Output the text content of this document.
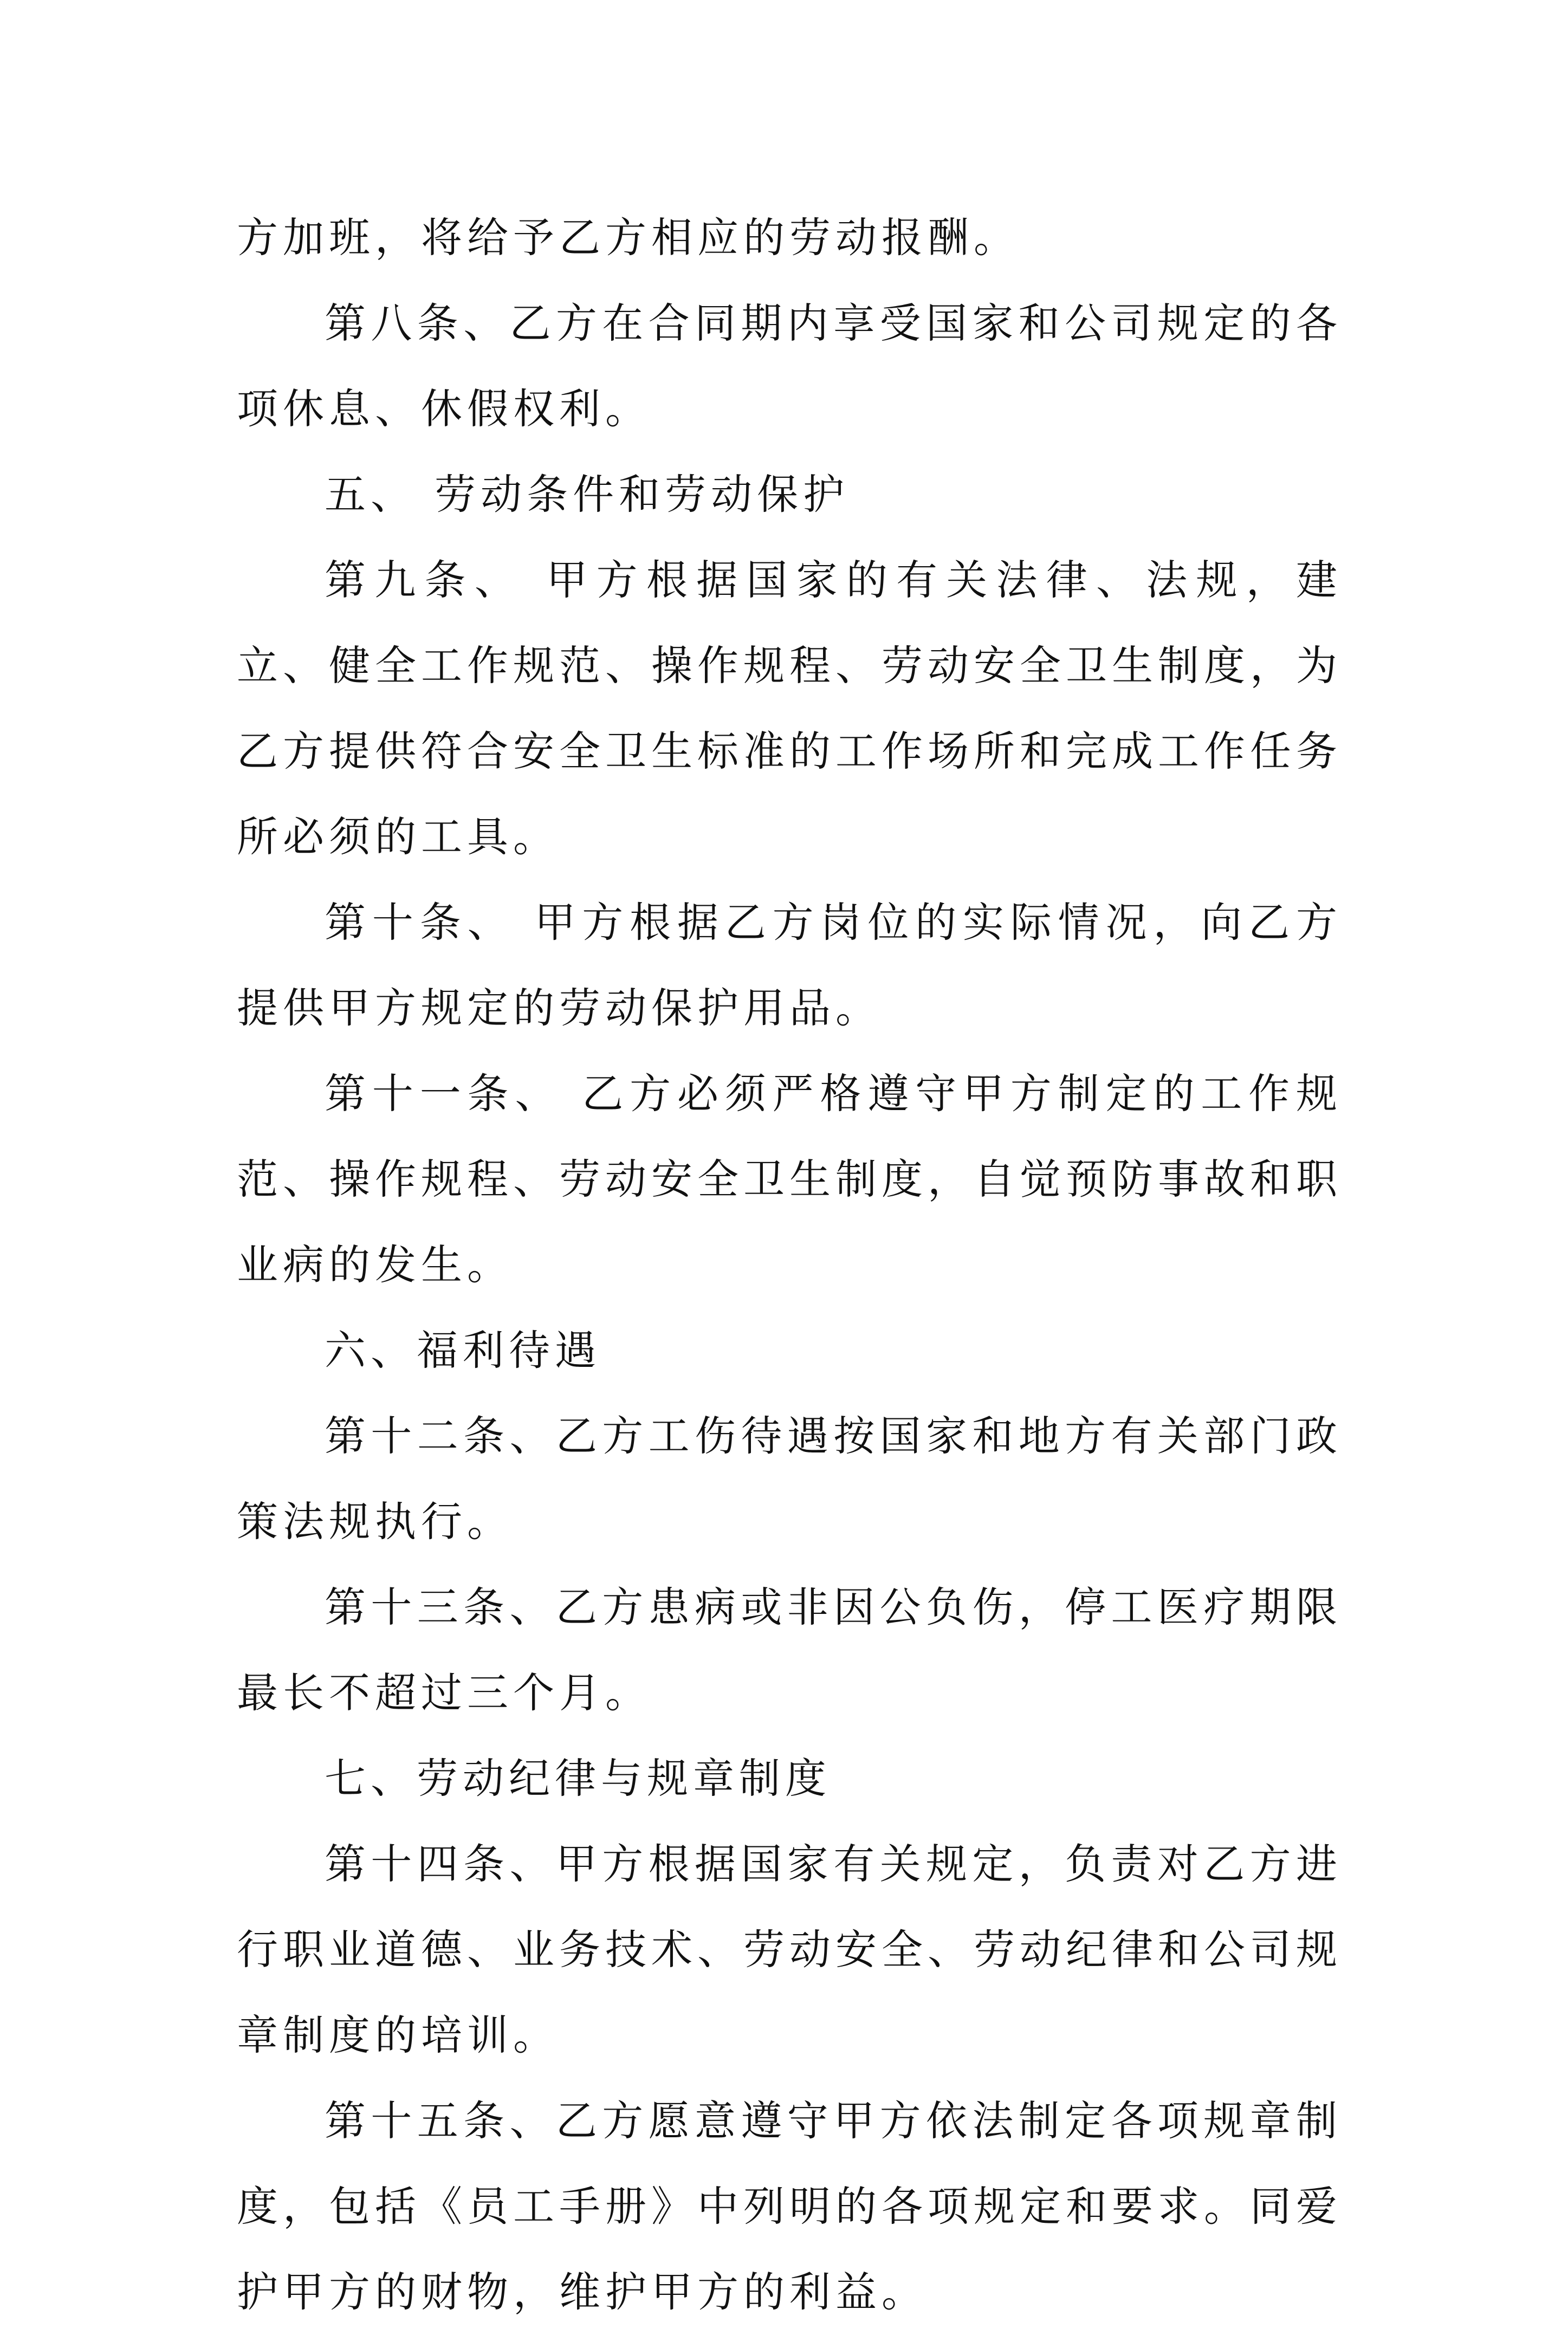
方加班，将给予乙方相应的劳动报酬。

第八条、乙方在合同期内享受国家和公司规定的各项休息、休假权利。

五、 劳动条件和劳动保护

第九条、 甲方根据国家的有关法律、法规，建立、健全工作规范、操作规程、劳动安全卫生制度，为乙方提供符合安全卫生标准的工作场所和完成工作任务所必须的工具。

第十条、 甲方根据乙方岗位的实际情况，向乙方提供甲方规定的劳动保护用品。

第十一条、 乙方必须严格遵守甲方制定的工作规范、操作规程、劳动安全卫生制度，自觉预防事故和职业病的发生。

六、福利待遇

第十二条、乙方工伤待遇按国家和地方有关部门政策法规执行。

第十三条、乙方患病或非因公负伤，停工医疗期限最长不超过三个月。

七、劳动纪律与规章制度

第十四条、甲方根据国家有关规定，负责对乙方进行职业道德、业务技术、劳动安全、劳动纪律和公司规章制度的培训。

第十五条、乙方愿意遵守甲方依法制定各项规章制度，包括《员工手册》中列明的各项规定和要求。同爱护甲方的财物，维护甲方的利益。
